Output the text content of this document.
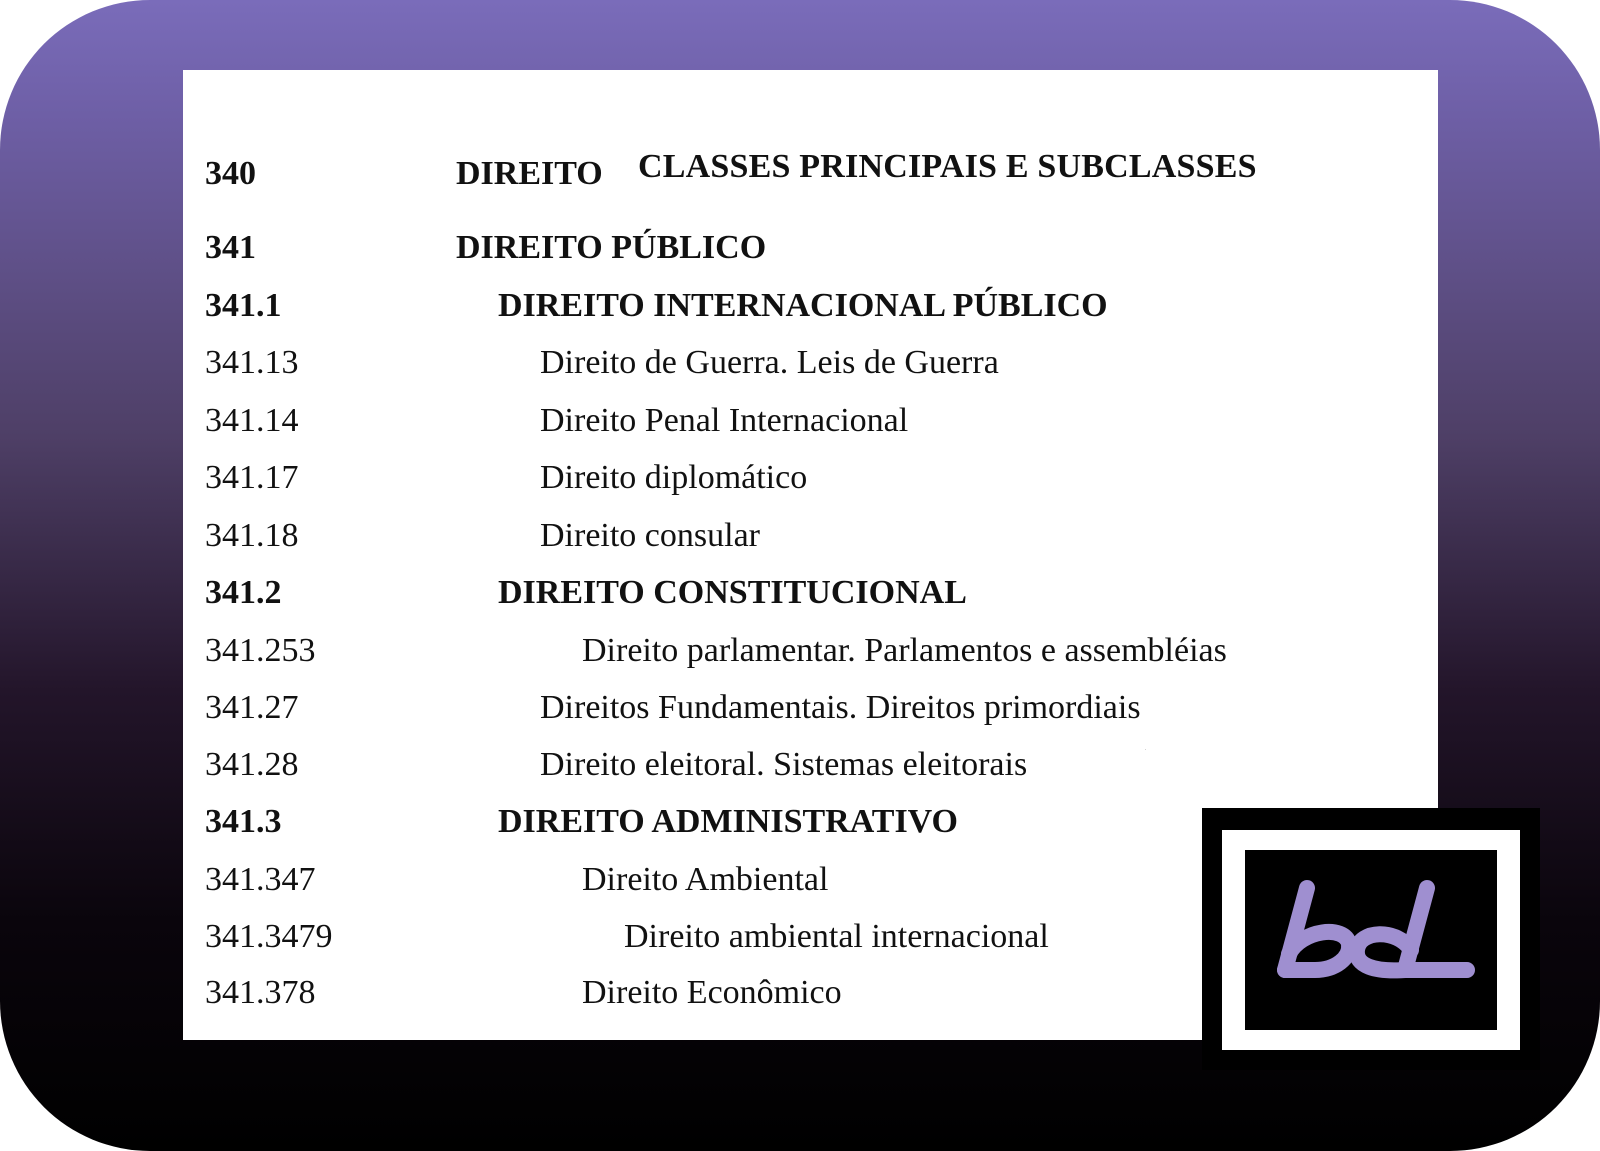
CLASSES PRINCIPAIS E SUBCLASSES
340	DIREITO
341	DIREITO PÚBLICO
341.1	DIREITO INTERNACIONAL PÚBLICO
341.13	Direito de Guerra. Leis de Guerra
341.14	Direito Penal Internacional
341.17	Direito diplomático
341.18	Direito consular
341.2	DIREITO CONSTITUCIONAL
341.253	Direito parlamentar. Parlamentos e assembléias
341.27	Direitos Fundamentais. Direitos primordiais
341.28	Direito eleitoral. Sistemas eleitorais
341.3	DIREITO ADMINISTRATIVO
341.347	Direito Ambiental
341.3479	Direito ambiental internacional
341.378	Direito Econômico
bd
